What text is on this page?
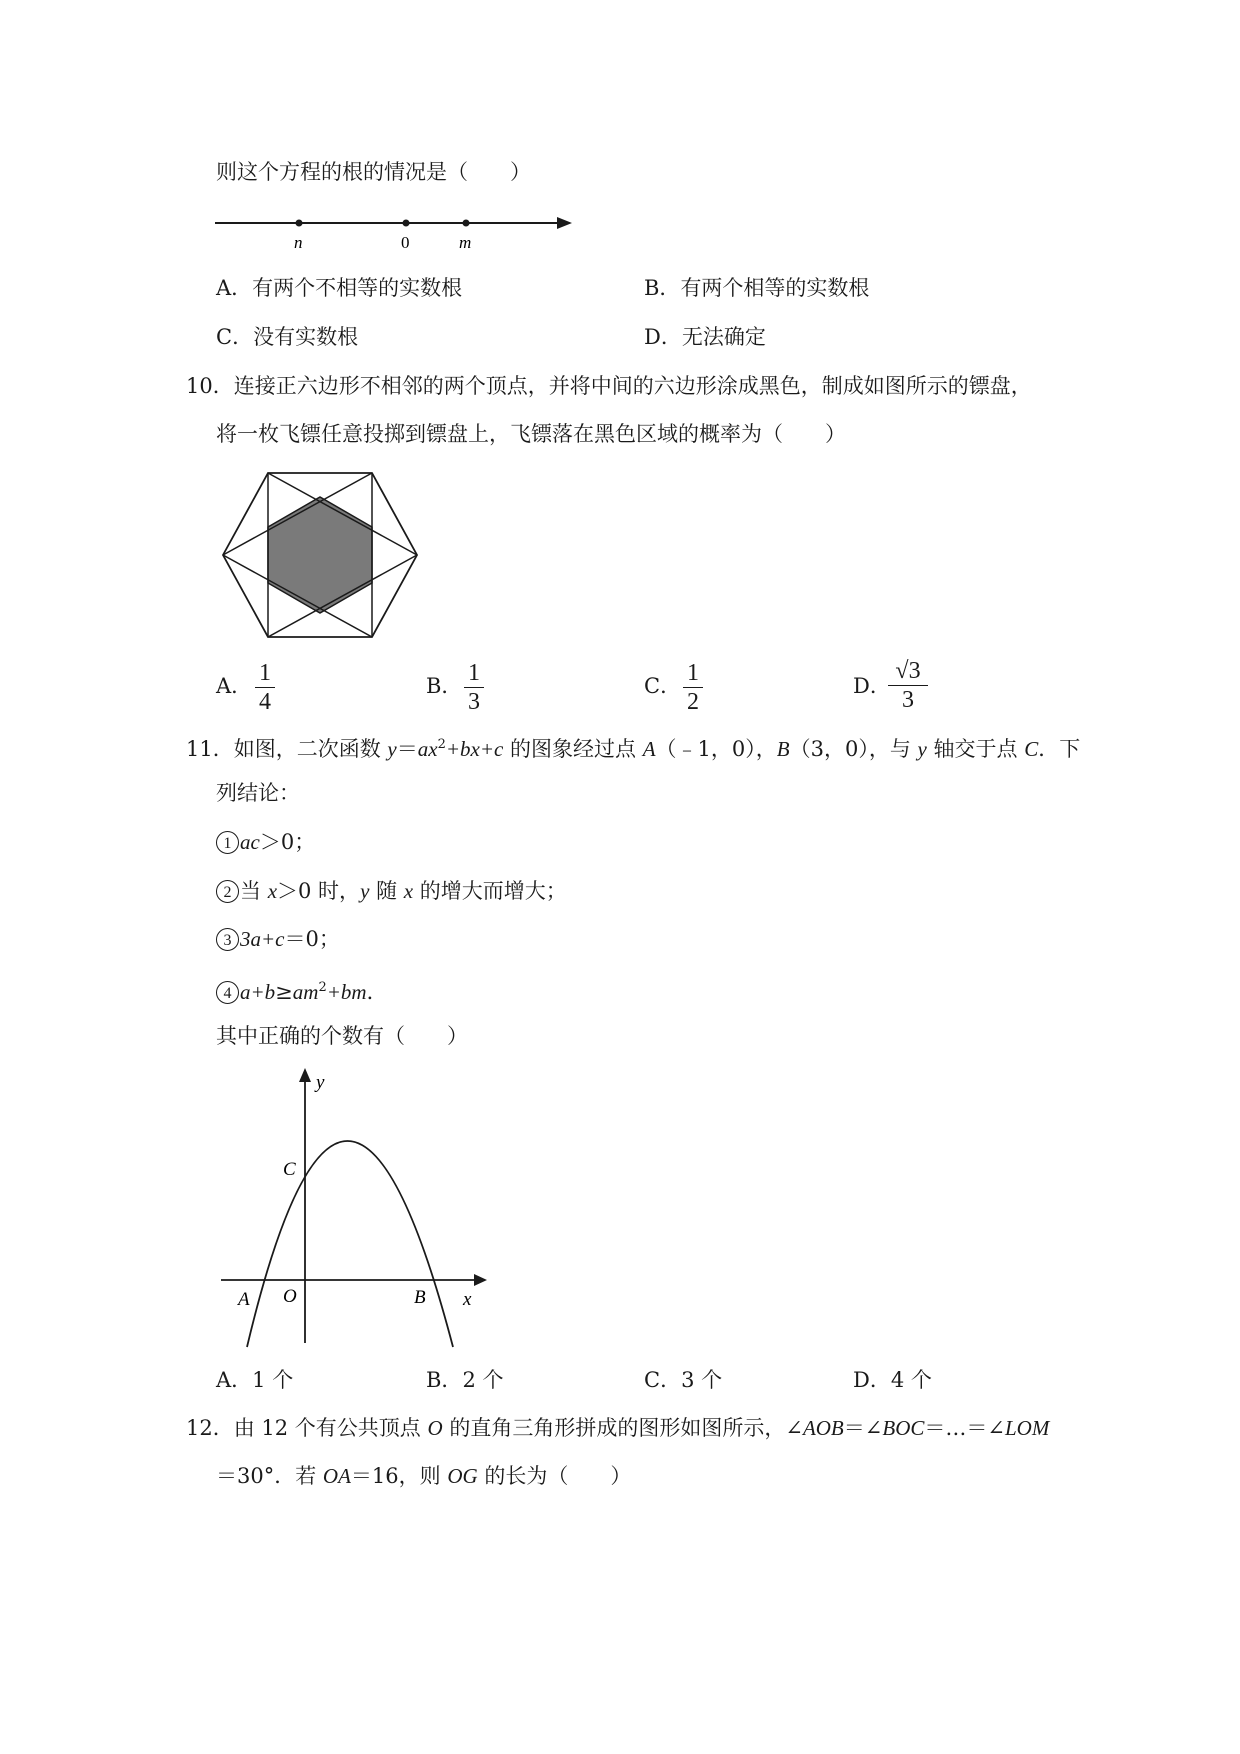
则这个方程的根的情况是（　　）
n	0	m
A．有两个不相等的实数根	B．有两个相等的实数根
C．没有实数根	D．无法确定
10．连接正六边形不相邻的两个顶点，并将中间的六边形涂成黑色，制成如图所示的镖盘，
将一枚飞镖任意投掷到镖盘上，飞镖落在黑色区域的概率为（　　）
A． 1
4
B． 1
3
C． 1
2
D．
√3
3
11．如图，二次函数 $y=ax^2+bx+c$ 的图象经过点 A（﹣1，0），B（3，0），与 y 轴交于点 C．下
列结论：
1 ac＞0；
2 当 x＞0 时，y 随 x 的增大而增大；
3 3a+c＝0；
4 $a+b\ge am^2+bm$．
其中正确的个数有（　　）
y
x
C
A O	B
A．1 个	B．2 个	C．3 个	D．4 个
12．由 12 个有公共顶点 O 的直角三角形拼成的图形如图所示，∠AOB＝∠BOC＝…＝∠LOM
＝30°．若 OA＝16，则 OG 的长为（　　）
